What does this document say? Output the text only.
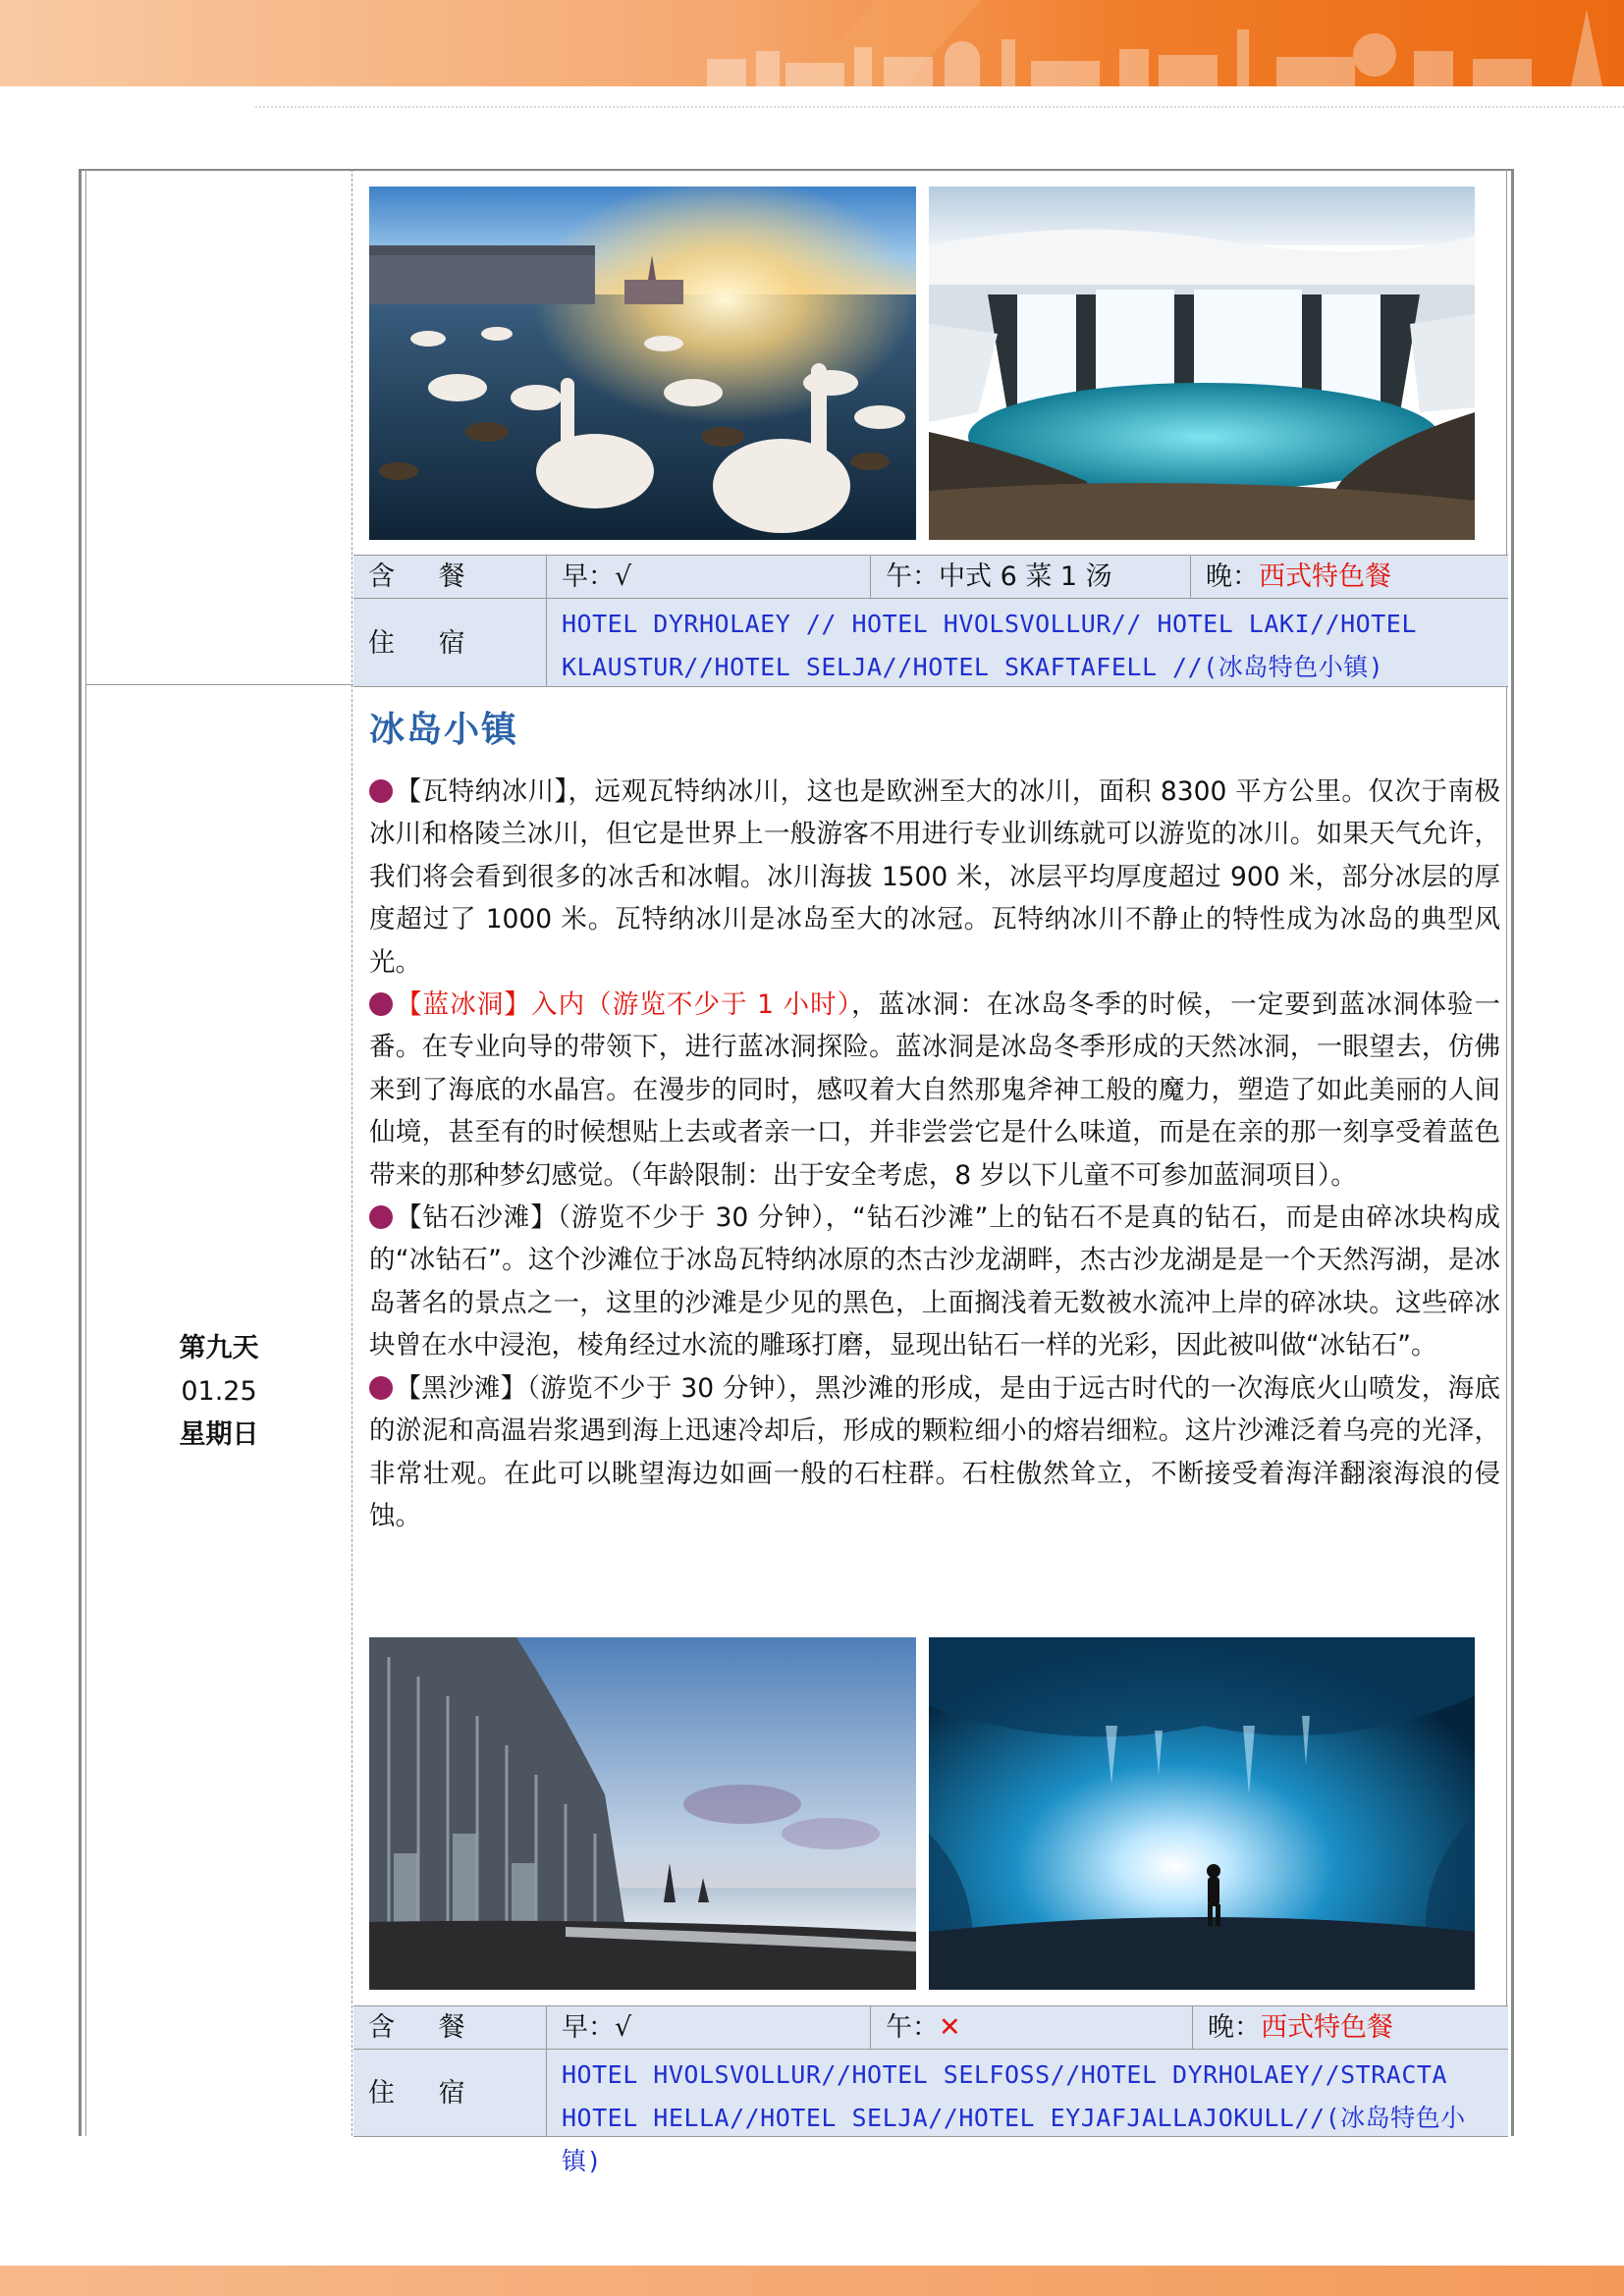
含 餐	早：√	午：中式 6 菜 1 汤	晚：西式特色餐
住 宿
HOTEL DYRHOLAEY // HOTEL HVOLSVOLLUR// HOTEL LAKI//HOTEL KLAUSTUR//HOTEL SELJA//HOTEL SKAFTAFELL //(冰岛特色小镇)
第九天
01.25
星期日
冰岛小镇

【瓦特纳冰川】，远观瓦特纳冰川，这也是欧洲至大的冰川，面积 8300 平方公里。仅次于南极冰川和格陵兰冰川，但它是世界上一般游客不用进行专业训练就可以游览的冰川。如果天气允许，我们将会看到很多的冰舌和冰帽。冰川海拔 1500 米，冰层平均厚度超过 900 米，部分冰层的厚度超过了 1000 米。瓦特纳冰川是冰岛至大的冰冠。瓦特纳冰川不静止的特性成为冰岛的典型风光。

【蓝冰洞】入内（游览不少于 1 小时），蓝冰洞：在冰岛冬季的时候，一定要到蓝冰洞体验一番。在专业向导的带领下，进行蓝冰洞探险。蓝冰洞是冰岛冬季形成的天然冰洞，一眼望去，仿佛来到了海底的水晶宫。在漫步的同时，感叹着大自然那鬼斧神工般的魔力，塑造了如此美丽的人间仙境，甚至有的时候想贴上去或者亲一口，并非尝尝它是什么味道，而是在亲的那一刻享受着蓝色带来的那种梦幻感觉。（年龄限制：出于安全考虑，8 岁以下儿童不可参加蓝洞项目）。

【钻石沙滩】（游览不少于 30 分钟），“钻石沙滩”上的钻石不是真的钻石，而是由碎冰块构成的“冰钻石”。这个沙滩位于冰岛瓦特纳冰原的杰古沙龙湖畔，杰古沙龙湖是是一个天然泻湖，是冰岛著名的景点之一，这里的沙滩是少见的黑色，上面搁浅着无数被水流冲上岸的碎冰块。这些碎冰块曾在水中浸泡，棱角经过水流的雕琢打磨，显现出钻石一样的光彩，因此被叫做“冰钻石”。

【黑沙滩】（游览不少于 30 分钟），黑沙滩的形成，是由于远古时代的一次海底火山喷发，海底的淤泥和高温岩浆遇到海上迅速冷却后，形成的颗粒细小的熔岩细粒。这片沙滩泛着乌亮的光泽，非常壮观。在此可以眺望海边如画一般的石柱群。石柱傲然耸立，不断接受着海洋翻滚海浪的侵蚀。

含 餐	早：√	午：✕	晚：西式特色餐
住 宿
HOTEL HVOLSVOLLUR//HOTEL SELFOSS//HOTEL DYRHOLAEY//STRACTA HOTEL HELLA//HOTEL SELJA//HOTEL EYJAFJALLAJOKULL//(冰岛特色小镇)
